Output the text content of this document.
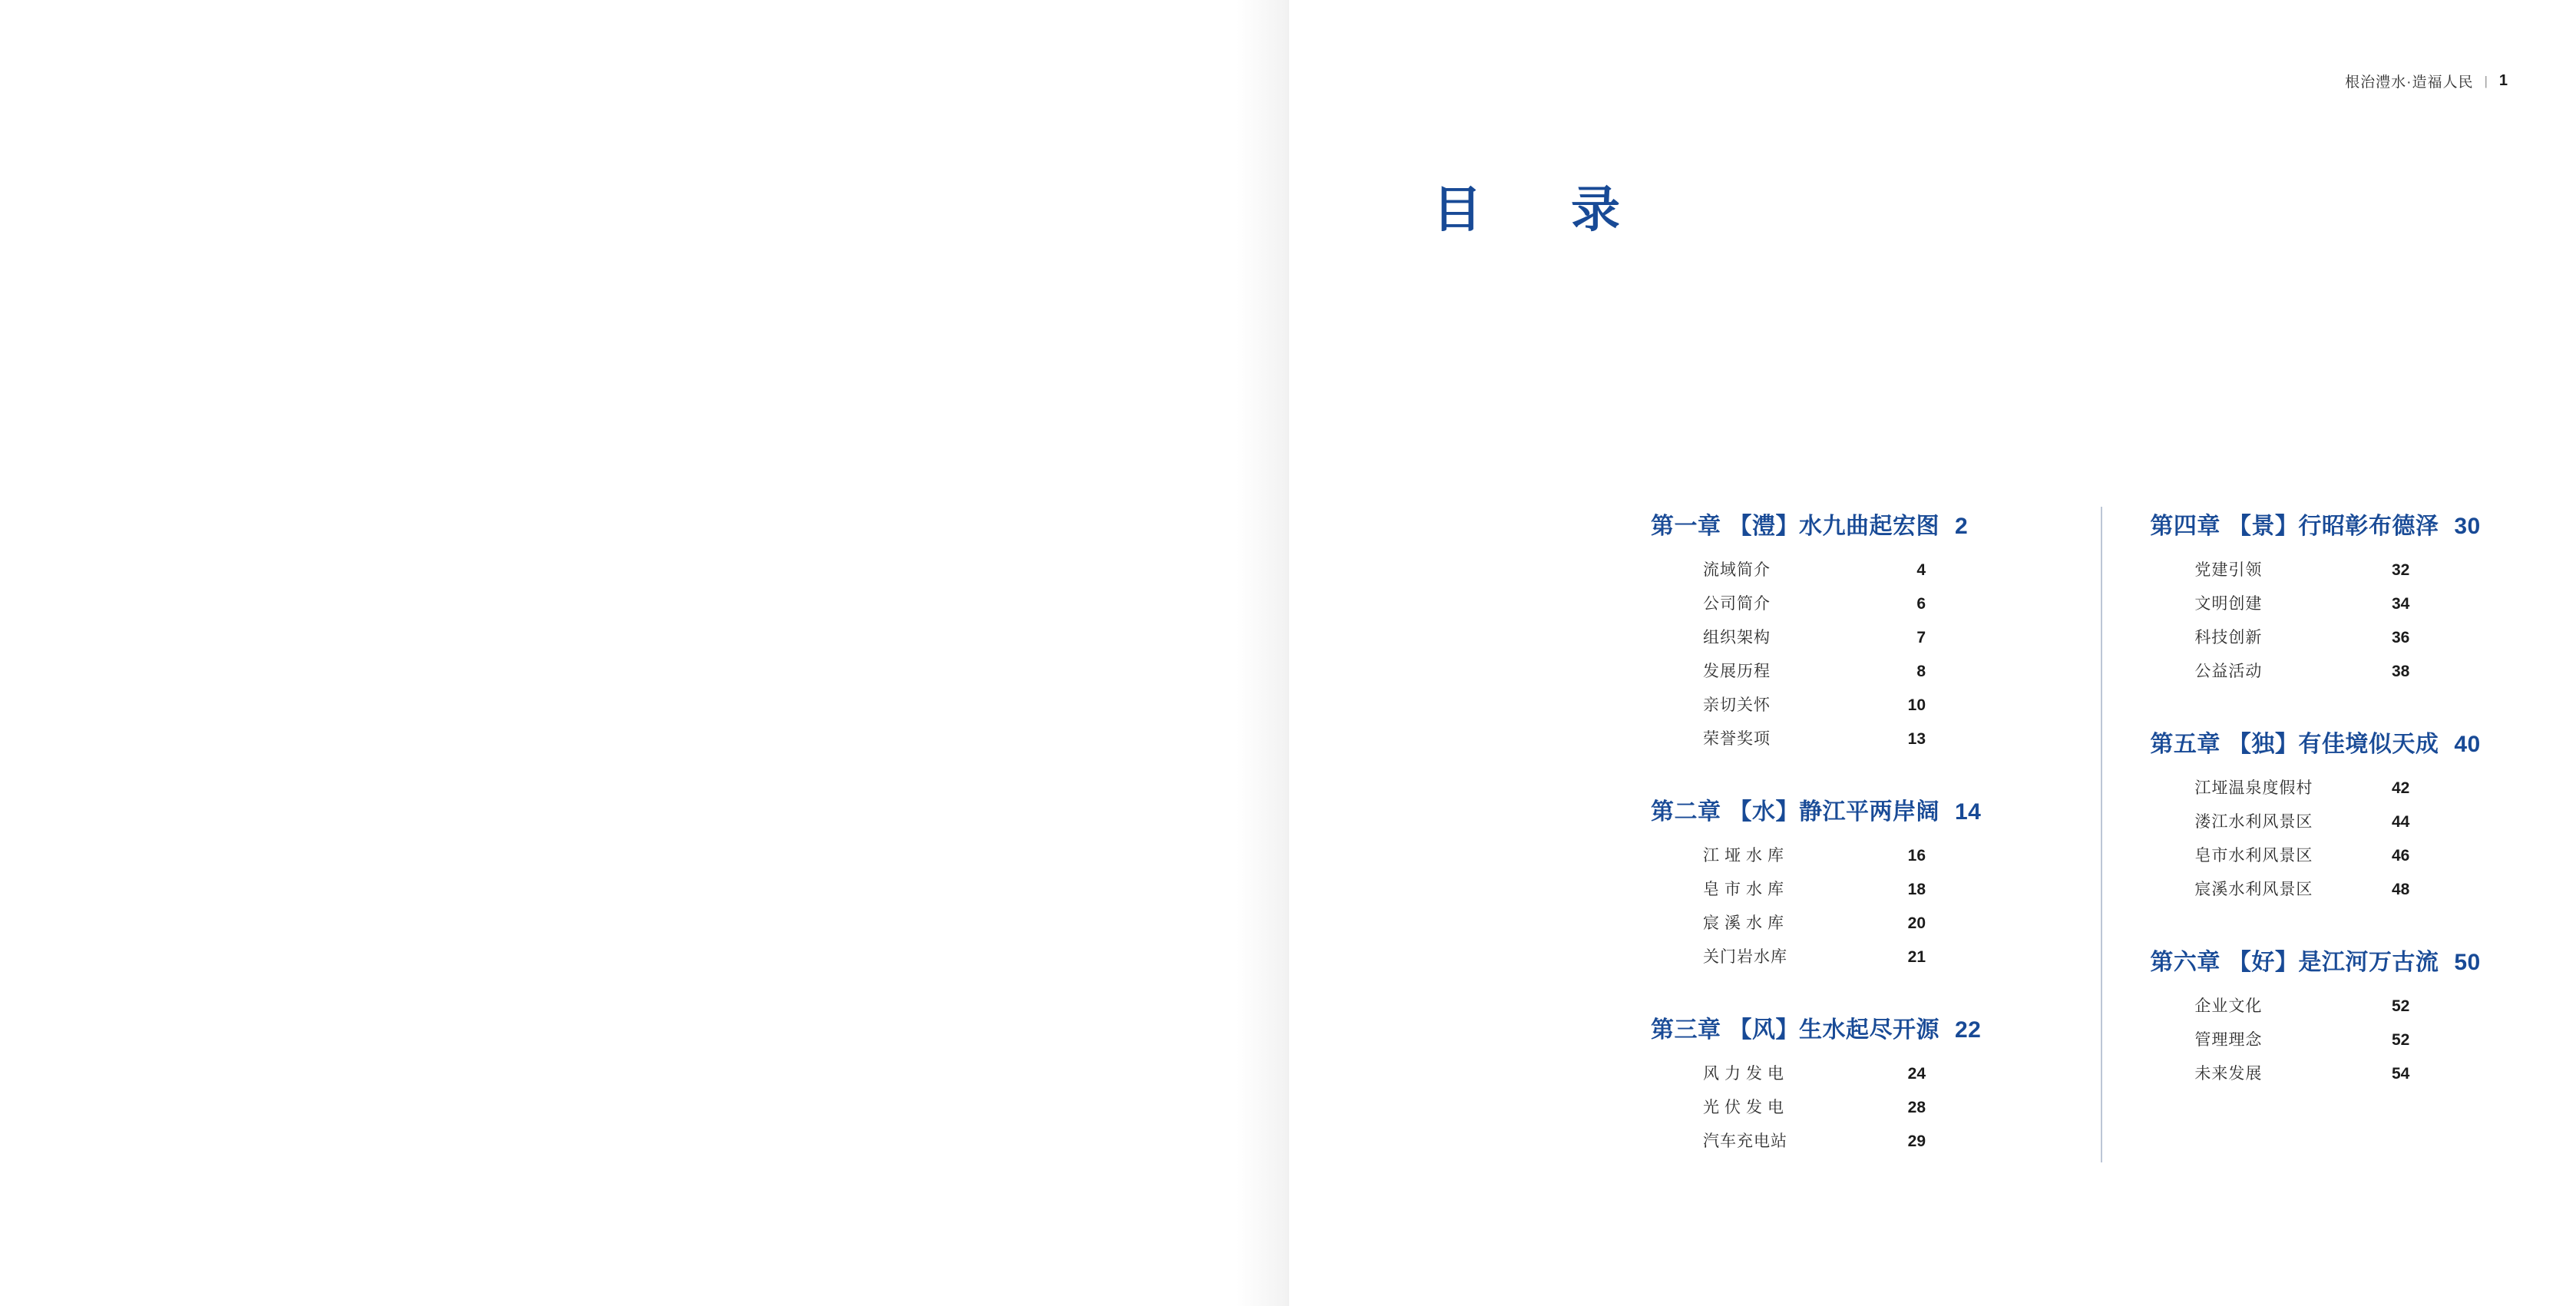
根治澧水·造福人民 | 1
目　录
第一章 【澧】水九曲起宏图 2
流域简介	4
公司简介	6
组织架构	7
发展历程	8
亲切关怀	10
荣誉奖项	13
第二章 【水】静江平两岸阔 14
江垭水库	16
皂市水库	18
宸溪水库	20
关门岩水库	21
第三章 【风】生水起尽开源 22
风力发电	24
光伏发电	28
汽车充电站	29
第四章 【景】行昭彰布德泽 30
党建引领	32
文明创建	34
科技创新	36
公益活动	38
第五章 【独】有佳境似天成 40
江垭温泉度假村	42
溇江水利风景区	44
皂市水利风景区	46
宸溪水利风景区	48
第六章 【好】是江河万古流 50
企业文化	52
管理理念	52
未来发展	54
